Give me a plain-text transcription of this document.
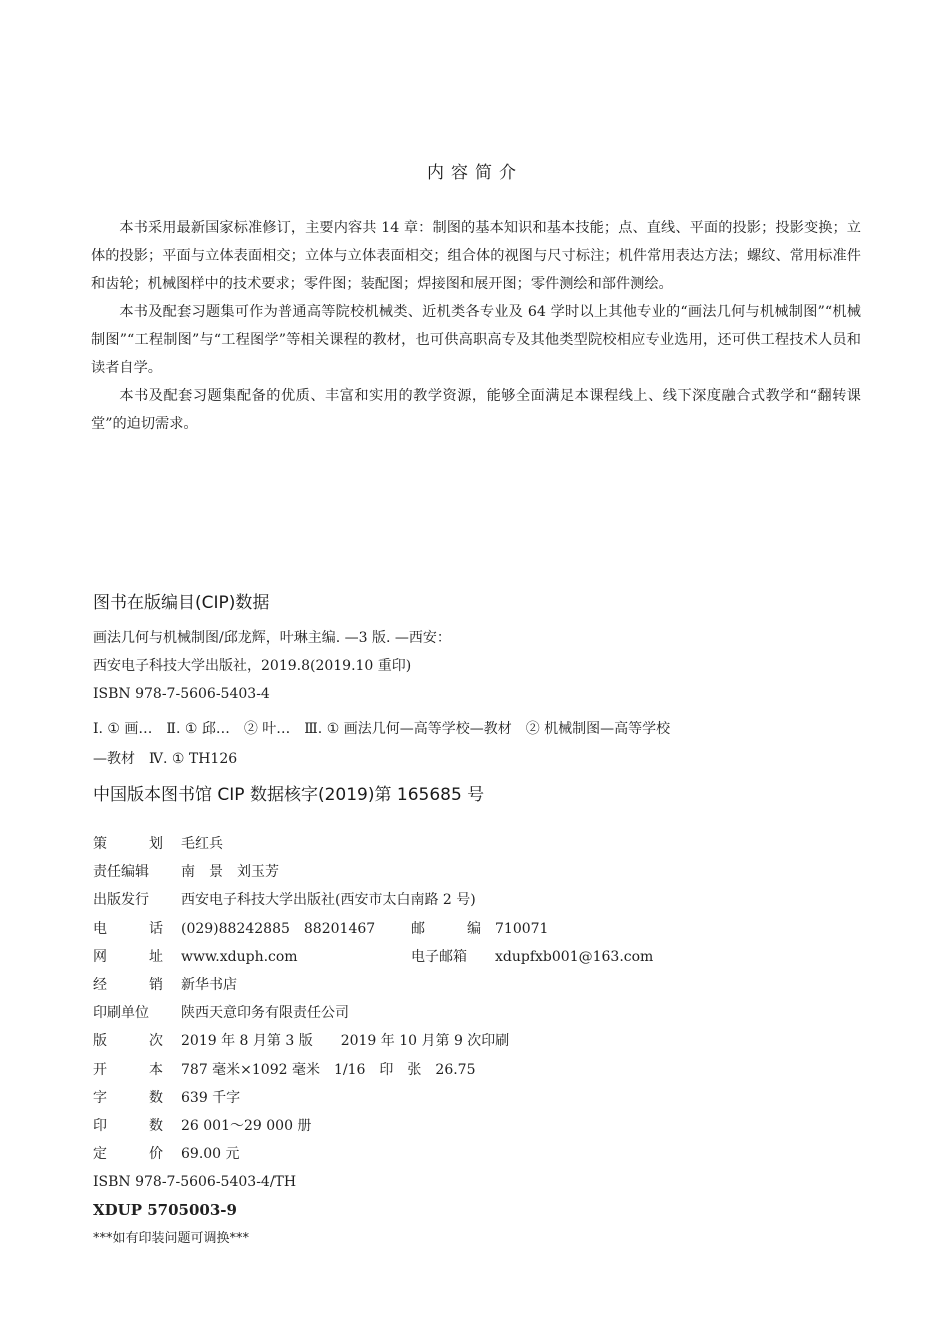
内容简介

本书采用最新国家标准修订，主要内容共 14 章：制图的基本知识和基本技能；点、直线、平面的投影；投影变换；立体的投影；平面与立体表面相交；立体与立体表面相交；组合体的视图与尺寸标注；机件常用表达方法；螺纹、常用标准件和齿轮；机械图样中的技术要求；零件图；装配图；焊接图和展开图；零件测绘和部件测绘。

本书及配套习题集可作为普通高等院校机械类、近机类各专业及 64 学时以上其他专业的“画法几何与机械制图”“机械制图”“工程制图”与“工程图学”等相关课程的教材，也可供高职高专及其他类型院校相应专业选用，还可供工程技术人员和读者自学。

本书及配套习题集配备的优质、丰富和实用的教学资源，能够全面满足本课程线上、线下深度融合式教学和“翻转课堂”的迫切需求。

图书在版编目(CIP)数据
画法几何与机械制图/邱龙辉，叶琳主编. —3 版. —西安：
西安电子科技大学出版社，2019.8(2019.10 重印)
ISBN 978-7-5606-5403-4
Ⅰ. ① 画…　Ⅱ. ① 邱…　② 叶…　Ⅲ. ① 画法几何—高等学校—教材　② 机械制图—高等学校
—教材　Ⅳ. ① TH126
中国版本图书馆 CIP 数据核字(2019)第 165685 号
策	划 毛红兵
责任编辑	南　景　刘玉芳
出版发行	西安电子科技大学出版社(西安市太白南路 2 号)
电	话 (029)88242885　88201467	邮	编 710071
网	址 www.xduph.com	电子邮箱	xdupfxb001@163.com
经	销 新华书店
印刷单位	陕西天意印务有限责任公司
版	次 2019 年 8 月第 3 版　　2019 年 10 月第 9 次印刷
开	本 787 毫米×1092 毫米　1/16　印　张　26.75
字	数 639 千字
印	数 26 001～29 000 册
定	价 69.00 元
ISBN 978-7-5606-5403-4/TH
XDUP 5705003-9
***如有印装问题可调换***
